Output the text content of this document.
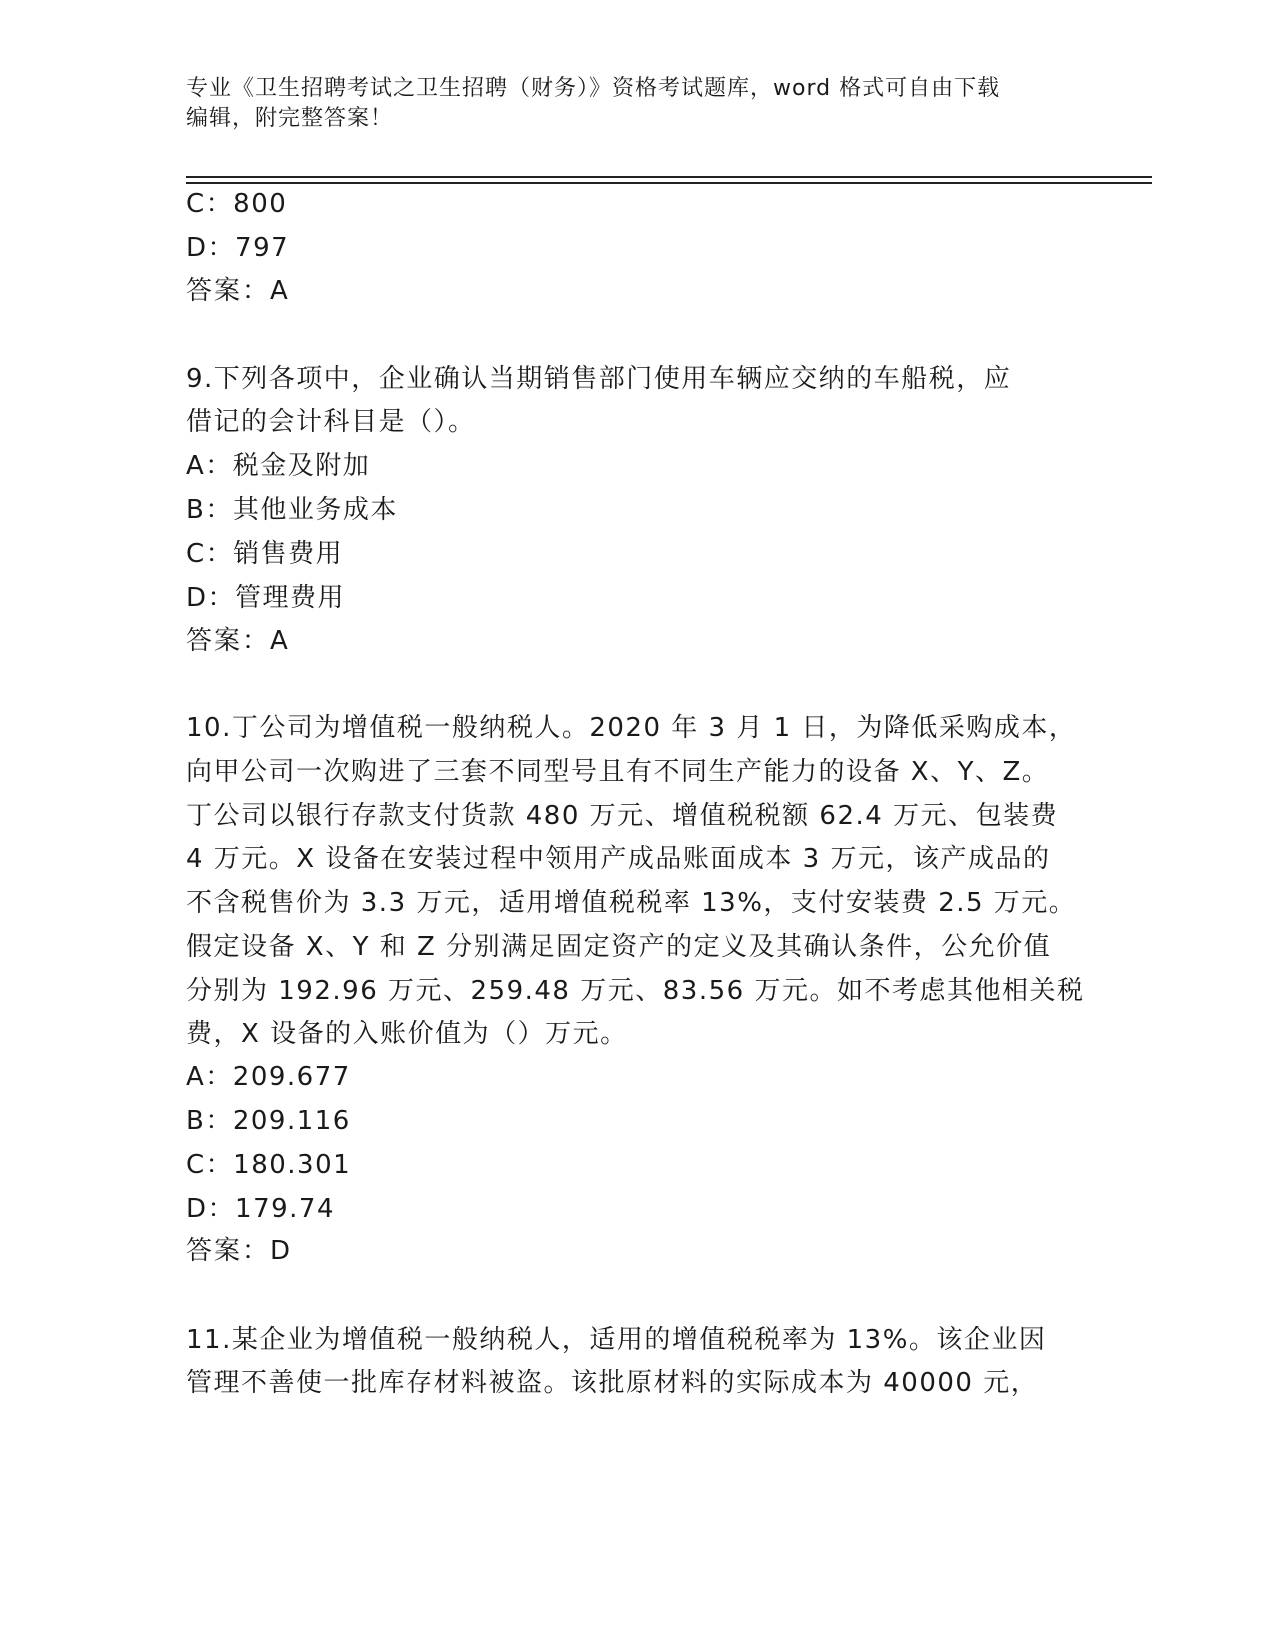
专业《卫生招聘考试之卫生招聘（财务）》资格考试题库，word 格式可自由下载
编辑，附完整答案！
C：800
D：797
答案：A
9.下列各项中，企业确认当期销售部门使用车辆应交纳的车船税，应
借记的会计科目是（）。
A：税金及附加
B：其他业务成本
C：销售费用
D：管理费用
答案：A
10.丁公司为增值税一般纳税人。2020 年 3 月 1 日，为降低采购成本，
向甲公司一次购进了三套不同型号且有不同生产能力的设备 X、Y、Z。
丁公司以银行存款支付货款 480 万元、增值税税额 62.4 万元、包装费
4 万元。X 设备在安装过程中领用产成品账面成本 3 万元，该产成品的
不含税售价为 3.3 万元，适用增值税税率 13%，支付安装费 2.5 万元。
假定设备 X、Y 和 Z 分别满足固定资产的定义及其确认条件，公允价值
分别为 192.96 万元、259.48 万元、83.56 万元。如不考虑其他相关税
费，X 设备的入账价值为（）万元。
A：209.677
B：209.116
C：180.301
D：179.74
答案：D
11.某企业为增值税一般纳税人，适用的增值税税率为 13%。该企业因
管理不善使一批库存材料被盗。该批原材料的实际成本为 40000 元，
